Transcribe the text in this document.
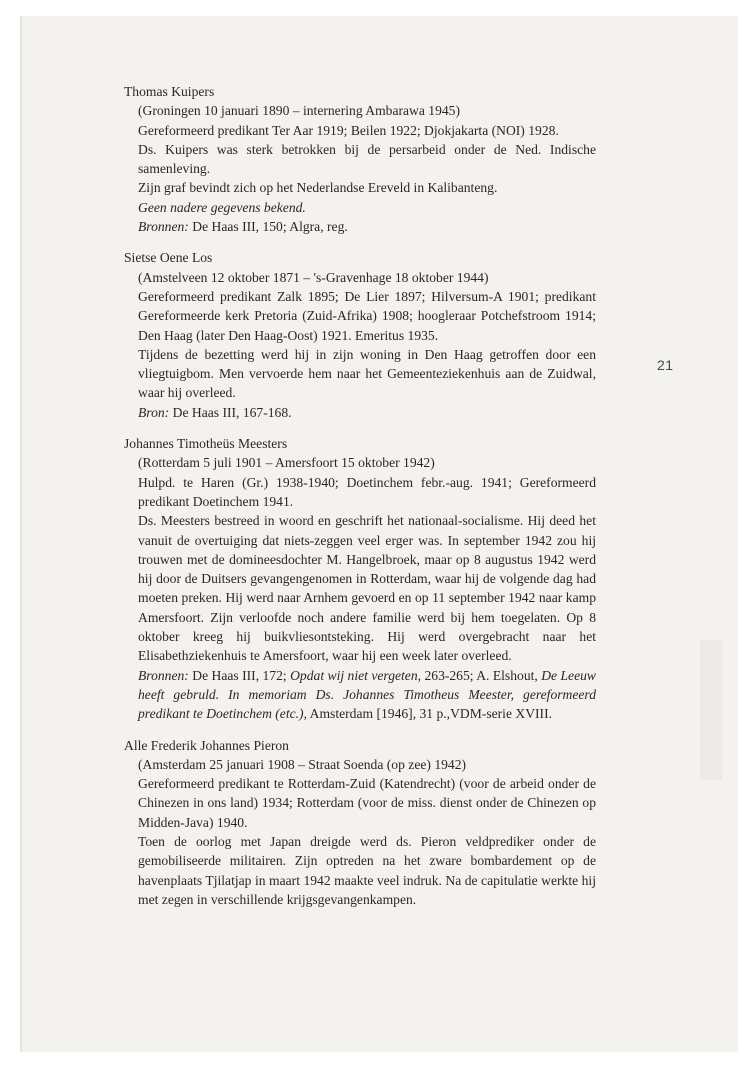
21
Thomas Kuipers

(Groningen 10 januari 1890 – internering Ambarawa 1945)

Gereformeerd predikant Ter Aar 1919; Beilen 1922; Djokjakarta (NOI) 1928.

Ds. Kuipers was sterk betrokken bij de persarbeid onder de Ned. Indische samenleving.

Zijn graf bevindt zich op het Nederlandse Ereveld in Kalibanteng.

Geen nadere gegevens bekend.

Bronnen: De Haas III, 150; Algra, reg.

Sietse Oene Los

(Amstelveen 12 oktober 1871 – 's-Gravenhage 18 oktober 1944)

Gereformeerd predikant Zalk 1895; De Lier 1897; Hilversum-A 1901; predikant Gereformeerde kerk Pretoria (Zuid-Afrika) 1908; hoogleraar Potchefstroom 1914; Den Haag (later Den Haag-Oost) 1921. Emeritus 1935.

Tijdens de bezetting werd hij in zijn woning in Den Haag getroffen door een vliegtuigbom. Men vervoerde hem naar het Gemeenteziekenhuis aan de Zuidwal, waar hij overleed.

Bron: De Haas III, 167-168.

Johannes Timotheüs Meesters

(Rotterdam 5 juli 1901 – Amersfoort 15 oktober 1942)

Hulpd. te Haren (Gr.) 1938-1940; Doetinchem febr.-aug. 1941; Gereformeerd predikant Doetinchem 1941.

Ds. Meesters bestreed in woord en geschrift het nationaal-socialisme. Hij deed het vanuit de overtuiging dat niets-zeggen veel erger was. In september 1942 zou hij trouwen met de domineesdochter M. Hangelbroek, maar op 8 augustus 1942 werd hij door de Duitsers gevangengenomen in Rotterdam, waar hij de volgende dag had moeten preken. Hij werd naar Arnhem gevoerd en op 11 september 1942 naar kamp Amersfoort. Zijn verloofde noch andere familie werd bij hem toegelaten. Op 8 oktober kreeg hij buikvliesontsteking. Hij werd overgebracht naar het Elisabethziekenhuis te Amersfoort, waar hij een week later overleed.

Bronnen: De Haas III, 172; Opdat wij niet vergeten, 263-265; A. Elshout, De Leeuw heeft gebruld. In memoriam Ds. Johannes Timotheus Meester, gereformeerd predikant te Doetinchem (etc.), Amsterdam [1946], 31 p.,VDM-serie XVIII.

Alle Frederik Johannes Pieron

(Amsterdam 25 januari 1908 – Straat Soenda (op zee) 1942)

Gereformeerd predikant te Rotterdam-Zuid (Katendrecht) (voor de arbeid onder de Chinezen in ons land) 1934; Rotterdam (voor de miss. dienst onder de Chinezen op Midden-Java) 1940.

Toen de oorlog met Japan dreigde werd ds. Pieron veldprediker onder de gemobiliseerde militairen. Zijn optreden na het zware bombardement op de havenplaats Tjilatjap in maart 1942 maakte veel indruk. Na de capitulatie werkte hij met zegen in verschillende krijgsgevangenkampen.
